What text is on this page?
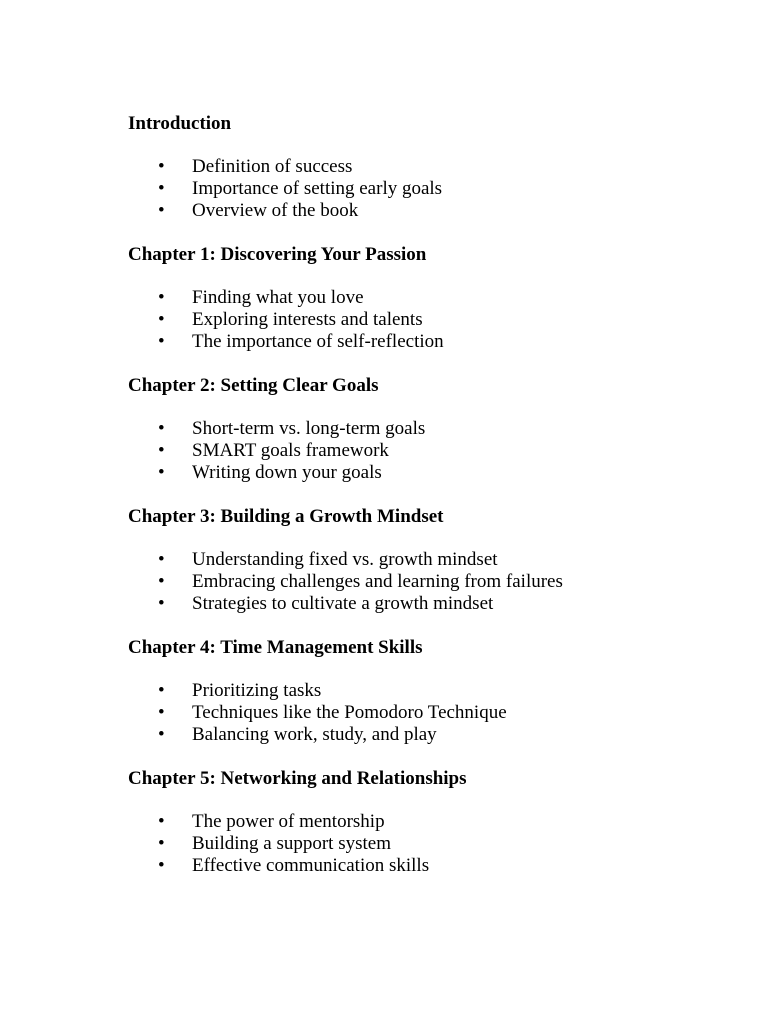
Introduction
• Definition of success
• Importance of setting early goals
• Overview of the book
Chapter 1: Discovering Your Passion
• Finding what you love
• Exploring interests and talents
• The importance of self-reflection
Chapter 2: Setting Clear Goals
• Short-term vs. long-term goals
• SMART goals framework
• Writing down your goals
Chapter 3: Building a Growth Mindset
• Understanding fixed vs. growth mindset
• Embracing challenges and learning from failures
• Strategies to cultivate a growth mindset
Chapter 4: Time Management Skills
• Prioritizing tasks
• Techniques like the Pomodoro Technique
• Balancing work, study, and play
Chapter 5: Networking and Relationships
• The power of mentorship
• Building a support system
• Effective communication skills
